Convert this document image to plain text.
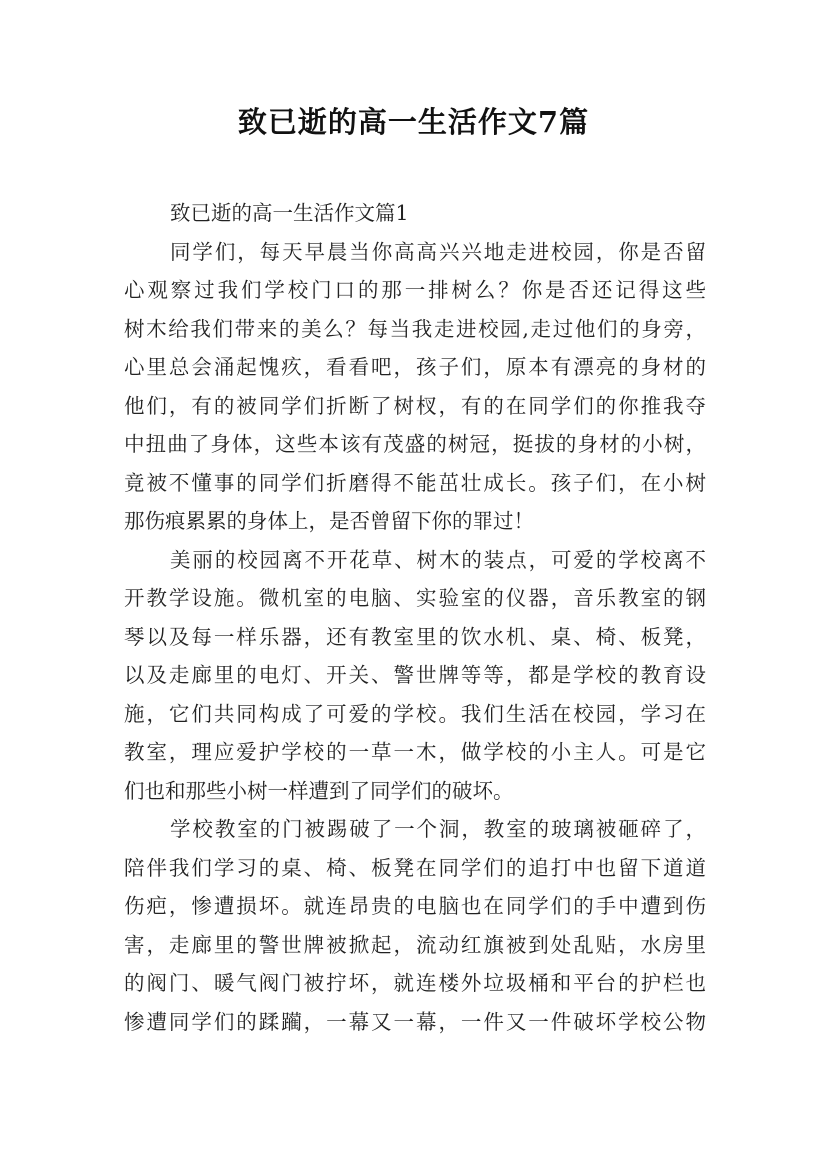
致已逝的高一生活作文7篇
致已逝的高一生活作文篇1
同学们，每天早晨当你高高兴兴地走进校园，你是否留
心观察过我们学校门口的那一排树么？你是否还记得这些
树木给我们带来的美么？每当我走进校园,走过他们的身旁，
心里总会涌起愧疚，看看吧，孩子们，原本有漂亮的身材的
他们，有的被同学们折断了树杈，有的在同学们的你推我夺
中扭曲了身体，这些本该有茂盛的树冠，挺拔的身材的小树，
竟被不懂事的同学们折磨得不能茁壮成长。孩子们，在小树
那伤痕累累的身体上，是否曾留下你的罪过！
美丽的校园离不开花草、树木的装点，可爱的学校离不
开教学设施。微机室的电脑、实验室的仪器，音乐教室的钢
琴以及每一样乐器，还有教室里的饮水机、桌、椅、板凳，
以及走廊里的电灯、开关、警世牌等等，都是学校的教育设
施，它们共同构成了可爱的学校。我们生活在校园，学习在
教室，理应爱护学校的一草一木，做学校的小主人。可是它
们也和那些小树一样遭到了同学们的破坏。
学校教室的门被踢破了一个洞，教室的玻璃被砸碎了，
陪伴我们学习的桌、椅、板凳在同学们的追打中也留下道道
伤疤，惨遭损坏。就连昂贵的电脑也在同学们的手中遭到伤
害，走廊里的警世牌被掀起，流动红旗被到处乱贴，水房里
的阀门、暖气阀门被拧坏，就连楼外垃圾桶和平台的护栏也
惨遭同学们的蹂躏，一幕又一幕，一件又一件破坏学校公物
